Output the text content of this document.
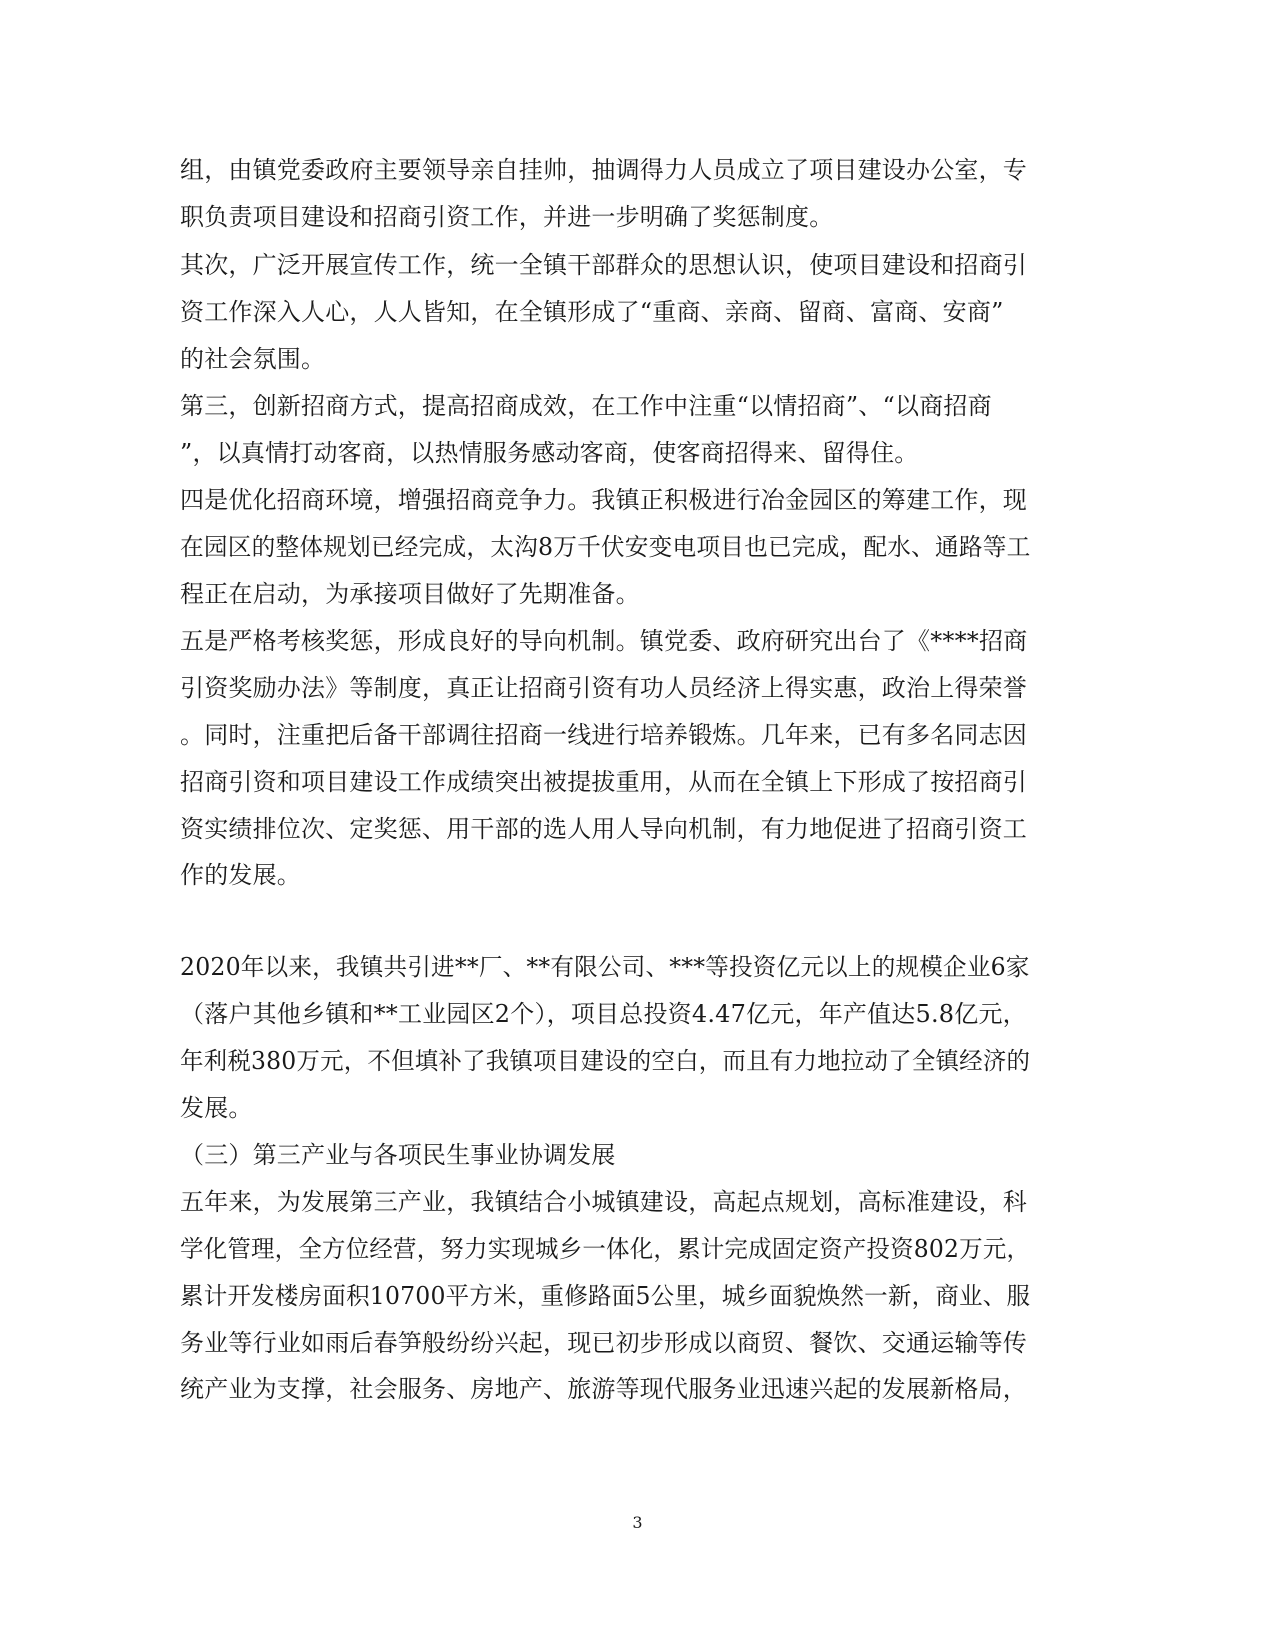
组，由镇党委政府主要领导亲自挂帅，抽调得力人员成立了项目建设办公室，专
职负责项目建设和招商引资工作，并进一步明确了奖惩制度。
其次，广泛开展宣传工作，统一全镇干部群众的思想认识，使项目建设和招商引
资工作深入人心，人人皆知，在全镇形成了“重商、亲商、留商、富商、安商”
的社会氛围。
第三，创新招商方式，提高招商成效，在工作中注重“以情招商”、“以商招商
”，以真情打动客商，以热情服务感动客商，使客商招得来、留得住。
四是优化招商环境，增强招商竞争力。我镇正积极进行冶金园区的筹建工作，现
在园区的整体规划已经完成，太沟8万千伏安变电项目也已完成，配水、通路等工
程正在启动，为承接项目做好了先期准备。
五是严格考核奖惩，形成良好的导向机制。镇党委、政府研究出台了《****招商
引资奖励办法》等制度，真正让招商引资有功人员经济上得实惠，政治上得荣誉
。同时，注重把后备干部调往招商一线进行培养锻炼。几年来，已有多名同志因
招商引资和项目建设工作成绩突出被提拔重用，从而在全镇上下形成了按招商引
资实绩排位次、定奖惩、用干部的选人用人导向机制，有力地促进了招商引资工
作的发展。
2020年以来，我镇共引进**厂、**有限公司、***等投资亿元以上的规模企业6家
（落户其他乡镇和**工业园区2个），项目总投资4.47亿元，年产值达5.8亿元，
年利税380万元，不但填补了我镇项目建设的空白，而且有力地拉动了全镇经济的
发展。
（三）第三产业与各项民生事业协调发展
五年来，为发展第三产业，我镇结合小城镇建设，高起点规划，高标准建设，科
学化管理，全方位经营，努力实现城乡一体化，累计完成固定资产投资802万元，
累计开发楼房面积10700平方米，重修路面5公里，城乡面貌焕然一新，商业、服
务业等行业如雨后春笋般纷纷兴起，现已初步形成以商贸、餐饮、交通运输等传
统产业为支撑，社会服务、房地产、旅游等现代服务业迅速兴起的发展新格局，
3
